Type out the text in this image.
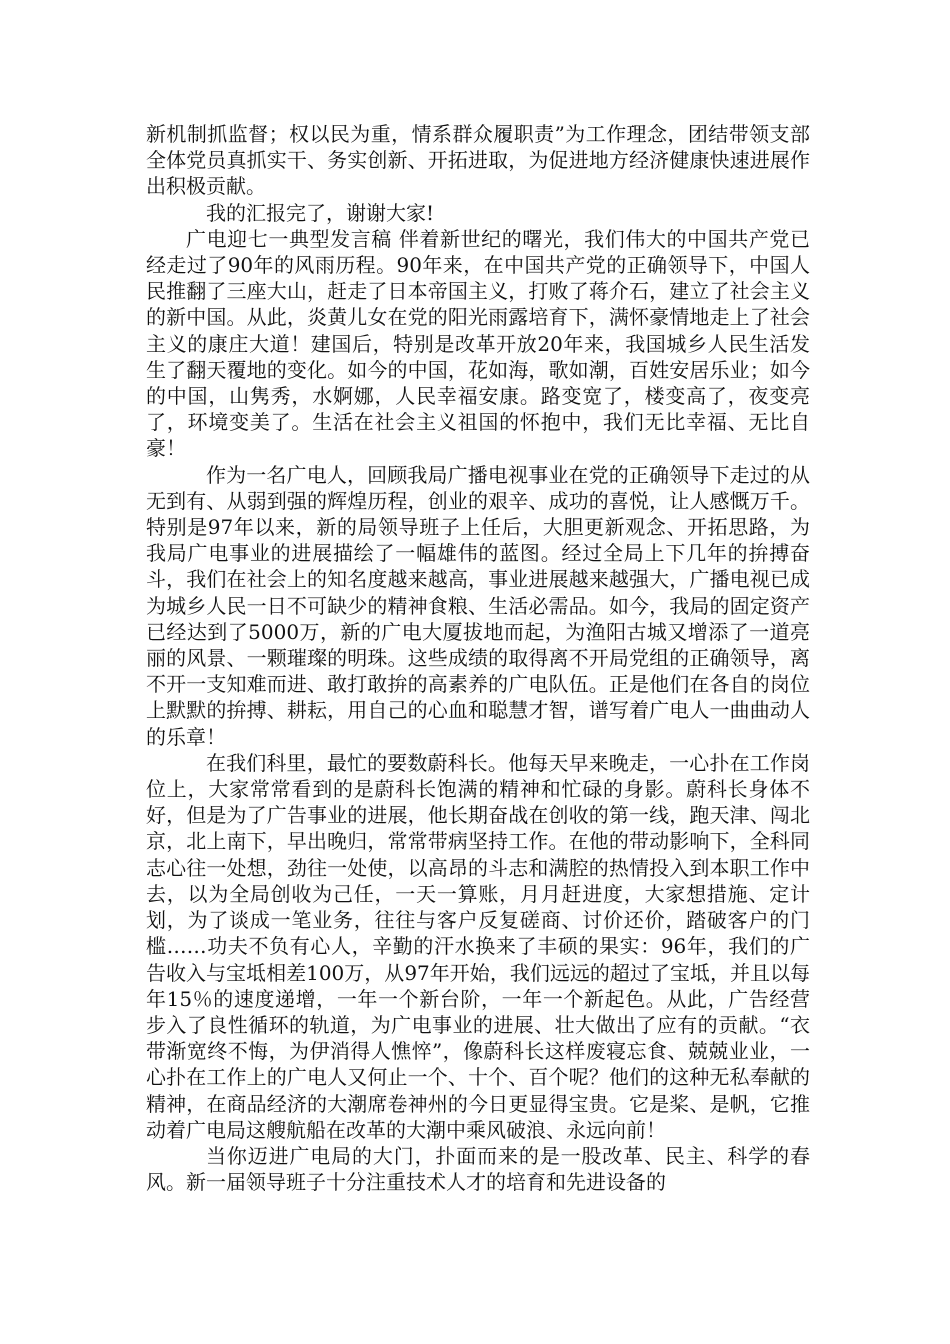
新机制抓监督；权以民为重，情系群众履职责”为工作理念，团结带领支部全体党员真抓实干、务实创新、开拓进取，为促进地方经济健康快速进展作出积极贡献。

我的汇报完了，谢谢大家!

广电迎七一典型发言稿 伴着新世纪的曙光，我们伟大的中国共产党已经走过了90年的风雨历程。90年来，在中国共产党的正确领导下，中国人民推翻了三座大山，赶走了日本帝国主义，打败了蒋介石，建立了社会主义的新中国。从此，炎黄儿女在党的阳光雨露培育下，满怀豪情地走上了社会主义的康庄大道！建国后，特别是改革开放20年来，我国城乡人民生活发生了翻天覆地的变化。如今的中国，花如海，歌如潮，百姓安居乐业；如今的中国，山隽秀，水婀娜，人民幸福安康。路变宽了，楼变高了，夜变亮了，环境变美了。生活在社会主义祖国的怀抱中，我们无比幸福、无比自豪！

作为一名广电人，回顾我局广播电视事业在党的正确领导下走过的从无到有、从弱到强的辉煌历程，创业的艰辛、成功的喜悦，让人感慨万千。特别是97年以来，新的局领导班子上任后，大胆更新观念、开拓思路，为我局广电事业的进展描绘了一幅雄伟的蓝图。经过全局上下几年的拚搏奋斗，我们在社会上的知名度越来越高，事业进展越来越强大，广播电视已成为城乡人民一日不可缺少的精神食粮、生活必需品。如今，我局的固定资产已经达到了5000万，新的广电大厦拔地而起，为渔阳古城又增添了一道亮丽的风景、一颗璀璨的明珠。这些成绩的取得离不开局党组的正确领导，离不开一支知难而进、敢打敢拚的高素养的广电队伍。正是他们在各自的岗位上默默的拚搏、耕耘，用自己的心血和聪慧才智，谱写着广电人一曲曲动人的乐章！

在我们科里，最忙的要数蔚科长。他每天早来晚走，一心扑在工作岗位上，大家常常看到的是蔚科长饱满的精神和忙碌的身影。蔚科长身体不好，但是为了广告事业的进展，他长期奋战在创收的第一线，跑天津、闯北京，北上南下，早出晚归，常常带病坚持工作。在他的带动影响下，全科同志心往一处想，劲往一处使，以高昂的斗志和满腔的热情投入到本职工作中去，以为全局创收为己任，一天一算账，月月赶进度，大家想措施、定计划，为了谈成一笔业务，往往与客户反复磋商、讨价还价，踏破客户的门槛……功夫不负有心人，辛勤的汗水换来了丰硕的果实：96年，我们的广告收入与宝坻相差100万，从97年开始，我们远远的超过了宝坻，并且以每年15％的速度递增，一年一个新台阶，一年一个新起色。从此，广告经营步入了良性循环的轨道，为广电事业的进展、壮大做出了应有的贡献。“衣带渐宽终不悔，为伊消得人憔悴”，像蔚科长这样废寝忘食、兢兢业业，一心扑在工作上的广电人又何止一个、十个、百个呢？他们的这种无私奉献的精神，在商品经济的大潮席卷神州的今日更显得宝贵。它是桨、是帆，它推动着广电局这艘航船在改革的大潮中乘风破浪、永远向前！

当你迈进广电局的大门，扑面而来的是一股改革、民主、科学的春风。新一届领导班子十分注重技术人才的培育和先进设备的
